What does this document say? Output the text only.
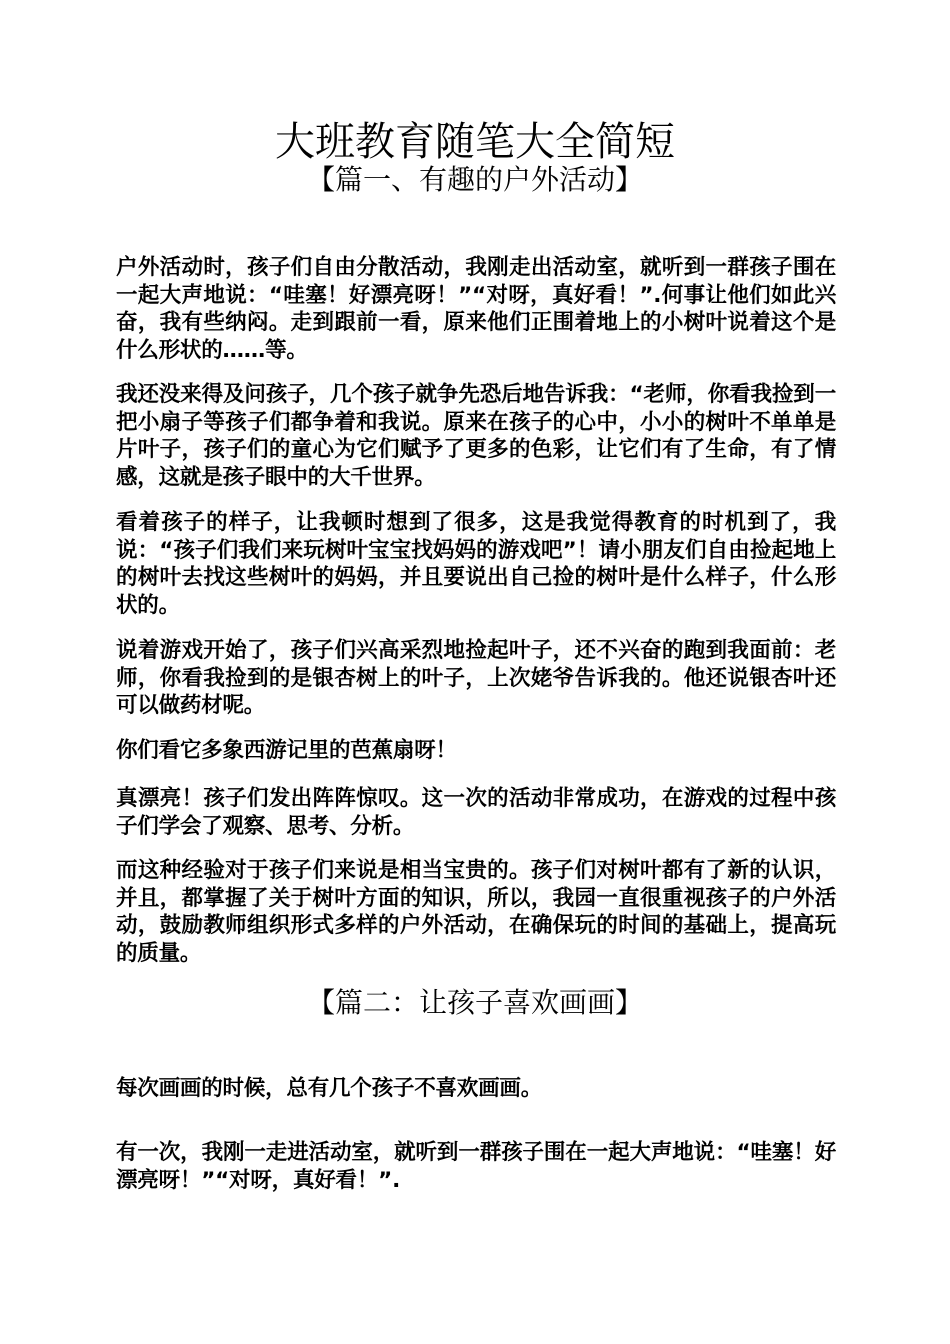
大班教育随笔大全简短
【篇一、有趣的户外活动】

户外活动时，孩子们自由分散活动，我刚走出活动室，就听到一群孩子围在一起大声地说：“哇塞！好漂亮呀！”“对呀，真好看！”.何事让他们如此兴奋，我有些纳闷。走到跟前一看，原来他们正围着地上的小树叶说着这个是什么形状的……等。

我还没来得及问孩子，几个孩子就争先恐后地告诉我：“老师，你看我捡到一把小扇子等孩子们都争着和我说。原来在孩子的心中，小小的树叶不单单是片叶子，孩子们的童心为它们赋予了更多的色彩，让它们有了生命，有了情感，这就是孩子眼中的大千世界。

看着孩子的样子，让我顿时想到了很多，这是我觉得教育的时机到了，我说：“孩子们我们来玩树叶宝宝找妈妈的游戏吧”！请小朋友们自由捡起地上的树叶去找这些树叶的妈妈，并且要说出自己捡的树叶是什么样子，什么形状的。

说着游戏开始了，孩子们兴高采烈地捡起叶子，还不兴奋的跑到我面前：老师，你看我捡到的是银杏树上的叶子，上次姥爷告诉我的。他还说银杏叶还可以做药材呢。

你们看它多象西游记里的芭蕉扇呀！

真漂亮！孩子们发出阵阵惊叹。这一次的活动非常成功，在游戏的过程中孩子们学会了观察、思考、分析。

而这种经验对于孩子们来说是相当宝贵的。孩子们对树叶都有了新的认识，并且，都掌握了关于树叶方面的知识，所以，我园一直很重视孩子的户外活动，鼓励教师组织形式多样的户外活动，在确保玩的时间的基础上，提高玩的质量。

【篇二：让孩子喜欢画画】

每次画画的时候，总有几个孩子不喜欢画画。

有一次，我刚一走进活动室，就听到一群孩子围在一起大声地说：“哇塞！好漂亮呀！”“对呀，真好看！”.
